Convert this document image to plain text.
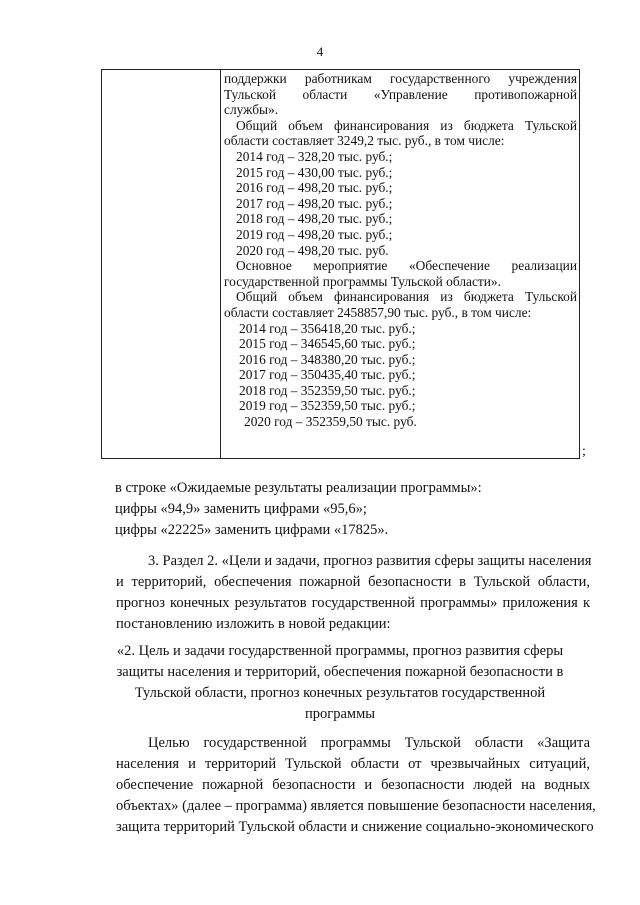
4
поддержки работникам государственного учреждения
Тульской области «Управление противопожарной
службы».
Общий объем финансирования из бюджета Тульской
области составляет 3249,2 тыс. руб., в том числе:
2014 год – 328,20 тыс. руб.;
2015 год – 430,00 тыс. руб.;
2016 год – 498,20 тыс. руб.;
2017 год – 498,20 тыс. руб.;
2018 год – 498,20 тыс. руб.;
2019 год – 498,20 тыс. руб.;
2020 год – 498,20 тыс. руб.
Основное мероприятие «Обеспечение реализации
государственной программы Тульской области».
Общий объем финансирования из бюджета Тульской
области составляет 2458857,90 тыс. руб., в том числе:
2014 год – 356418,20 тыс. руб.;
2015 год – 346545,60 тыс. руб.;
2016 год – 348380,20 тыс. руб.;
2017 год – 350435,40 тыс. руб.;
2018 год – 352359,50 тыс. руб.;
2019 год – 352359,50 тыс. руб.;
2020 год – 352359,50 тыс. руб.
;
в строке «Ожидаемые результаты реализации программы»:
цифры «94,9» заменить цифрами «95,6»;
цифры «22225» заменить цифрами «17825».
3. Раздел 2. «Цели и задачи, прогноз развития сферы защиты населения
и территорий, обеспечения пожарной безопасности в Тульской области,
прогноз конечных результатов государственной программы» приложения к
постановлению изложить в новой редакции:
«2. Цель и задачи государственной программы, прогноз развития сферы
защиты населения и территорий, обеспечения пожарной безопасности в
Тульской области, прогноз конечных результатов государственной
программы
Целью государственной программы Тульской области «Защита
населения и территорий Тульской области от чрезвычайных ситуаций,
обеспечение пожарной безопасности и безопасности людей на водных
объектах» (далее – программа) является повышение безопасности населения,
защита территорий Тульской области и снижение социально-экономического
